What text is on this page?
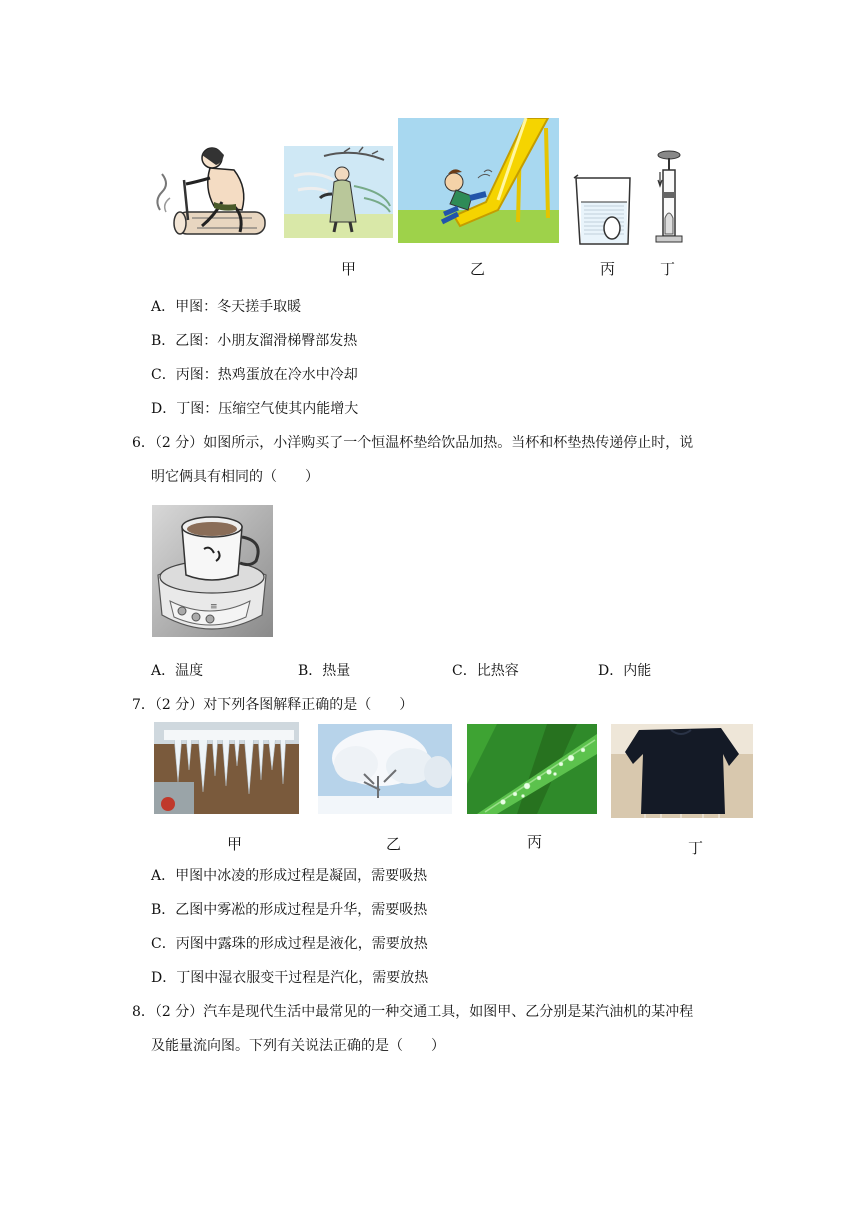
甲	乙	丙	丁
A．甲图：冬天搓手取暖
B．乙图：小朋友溜滑梯臀部发热
C．丙图：热鸡蛋放在冷水中冷却
D．丁图：压缩空气使其内能增大
6．（2 分）如图所示，小洋购买了一个恒温杯垫给饮品加热。当杯和杯垫热传递停止时，说
明它俩具有相同的（　　）
≡
A．温度	B．热量	C．比热容	D．内能
7．（2 分）对下列各图解释正确的是（　　）
甲	乙	丙	丁
A．甲图中冰凌的形成过程是凝固，需要吸热
B．乙图中雾凇的形成过程是升华，需要吸热
C．丙图中露珠的形成过程是液化，需要放热
D．丁图中湿衣服变干过程是汽化，需要放热
8．（2 分）汽车是现代生活中最常见的一种交通工具，如图甲、乙分别是某汽油机的某冲程
及能量流向图。下列有关说法正确的是（　　）
